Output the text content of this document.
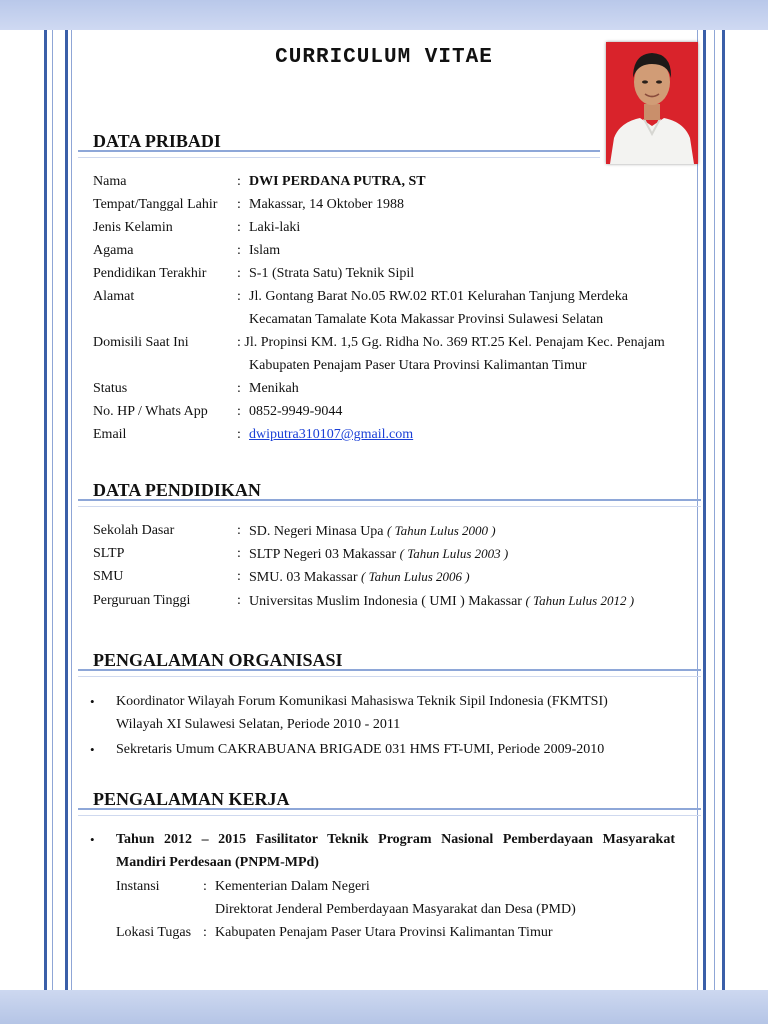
CURRICULUM VITAE
DATA PRIBADI
Nama	: DWI PERDANA PUTRA, ST
Tempat/Tanggal Lahir : Makassar, 14 Oktober 1988
Jenis Kelamin	: Laki-laki
Agama	: Islam
Pendidikan Terakhir : S-1 (Strata Satu) Teknik Sipil
Alamat	: Jl. Gontang Barat No.05 RW.02 RT.01 Kelurahan Tanjung Merdeka
Kecamatan Tamalate Kota Makassar Provinsi Sulawesi Selatan
Domisili Saat Ini	: Jl. Propinsi KM. 1,5 Gg. Ridha No. 369 RT.25 Kel. Penajam Kec. Penajam
Kabupaten Penajam Paser Utara Provinsi Kalimantan Timur
Status	: Menikah
No. HP / Whats App : 0852-9949-9044
Email	: dwiputra310107@gmail.com
DATA PENDIDIKAN
Sekolah Dasar	: SD. Negeri Minasa Upa ( Tahun Lulus 2000 )
SLTP	: SLTP Negeri 03 Makassar ( Tahun Lulus 2003 )
SMU	: SMU. 03 Makassar ( Tahun Lulus 2006 )
Perguruan Tinggi	: Universitas Muslim Indonesia ( UMI ) Makassar ( Tahun Lulus 2012 )
PENGALAMAN ORGANISASI
• Koordinator Wilayah Forum Komunikasi Mahasiswa Teknik Sipil Indonesia (FKMTSI)
Wilayah XI Sulawesi Selatan, Periode 2010 - 2011
• Sekretaris Umum CAKRABUANA BRIGADE 031 HMS FT-UMI, Periode 2009-2010
PENGALAMAN KERJA
• Tahun 2012 – 2015 Fasilitator Teknik Program Nasional Pemberdayaan Masyarakat
Mandiri Perdesaan (PNPM-MPd)
Instansi	: Kementerian Dalam Negeri
Direktorat Jenderal Pemberdayaan Masyarakat dan Desa (PMD)
Lokasi Tugas : Kabupaten Penajam Paser Utara Provinsi Kalimantan Timur
